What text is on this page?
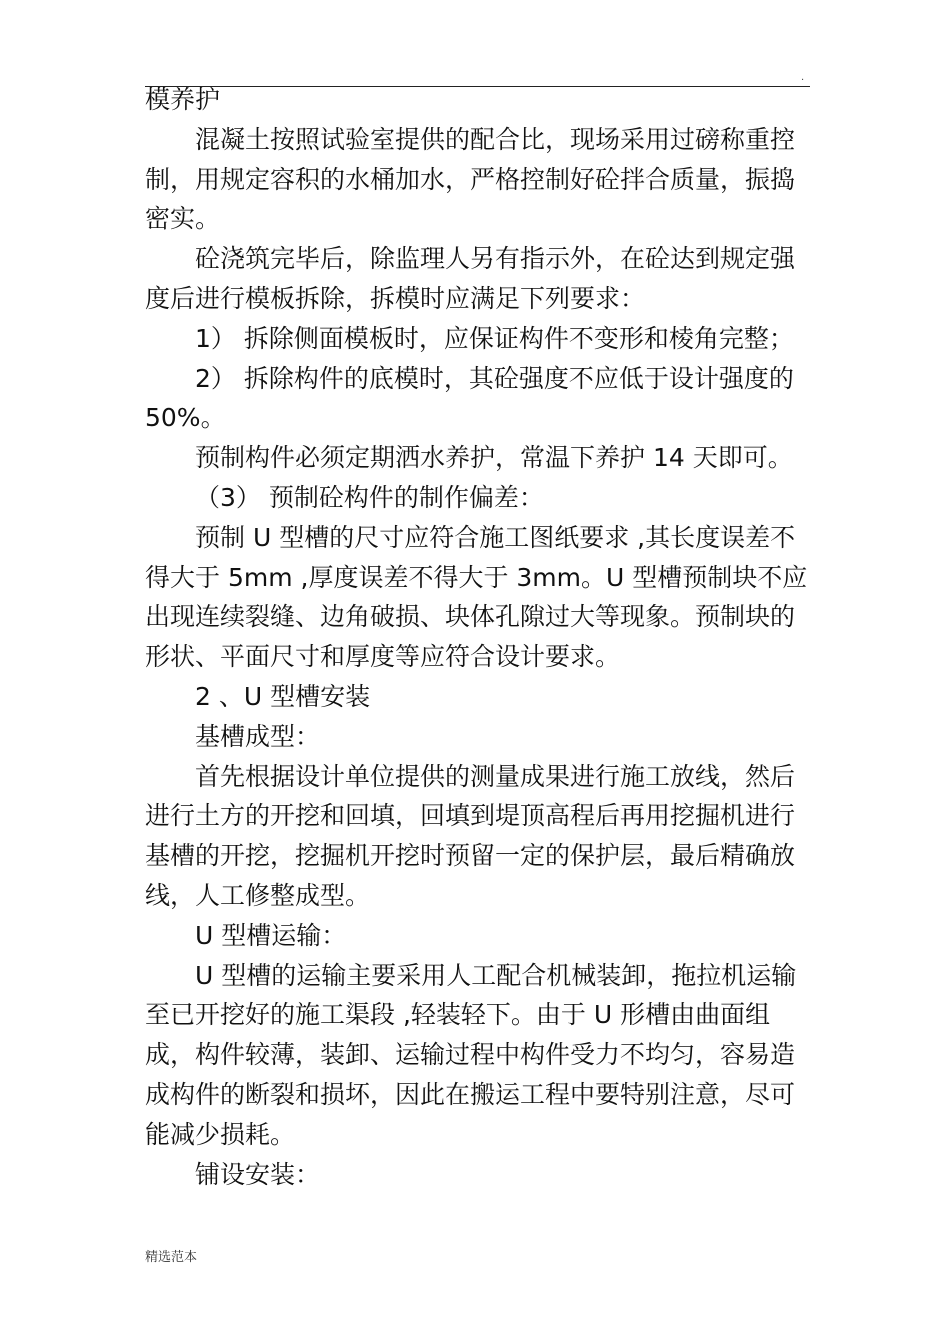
.

模养护

混凝土按照试验室提供的配合比，现场采用过磅称重控制，用规定容积的水桶加水，严格控制好砼拌合质量，振捣密实。

砼浇筑完毕后，除监理人另有指示外，在砼达到规定强度后进行模板拆除，拆模时应满足下列要求：

1） 拆除侧面模板时，应保证构件不变形和棱角完整；

2） 拆除构件的底模时，其砼强度不应低于设计强度的50%。

预制构件必须定期洒水养护，常温下养护 14 天即可。

（3） 预制砼构件的制作偏差：

预制 U 型槽的尺寸应符合施工图纸要求 ,其长度误差不得大于 5mm ,厚度误差不得大于 3mm。U 型槽预制块不应出现连续裂缝、边角破损、块体孔隙过大等现象。预制块的形状、平面尺寸和厚度等应符合设计要求。

2 、U 型槽安装

基槽成型：

首先根据设计单位提供的测量成果进行施工放线，然后进行土方的开挖和回填，回填到堤顶高程后再用挖掘机进行基槽的开挖，挖掘机开挖时预留一定的保护层，最后精确放线，人工修整成型。

U 型槽运输：

U 型槽的运输主要采用人工配合机械装卸，拖拉机运输至已开挖好的施工渠段 ,轻装轻下。由于 U 形槽由曲面组成，构件较薄，装卸、运输过程中构件受力不均匀，容易造成构件的断裂和损坏，因此在搬运工程中要特别注意，尽可能减少损耗。

铺设安装：

精选范本
